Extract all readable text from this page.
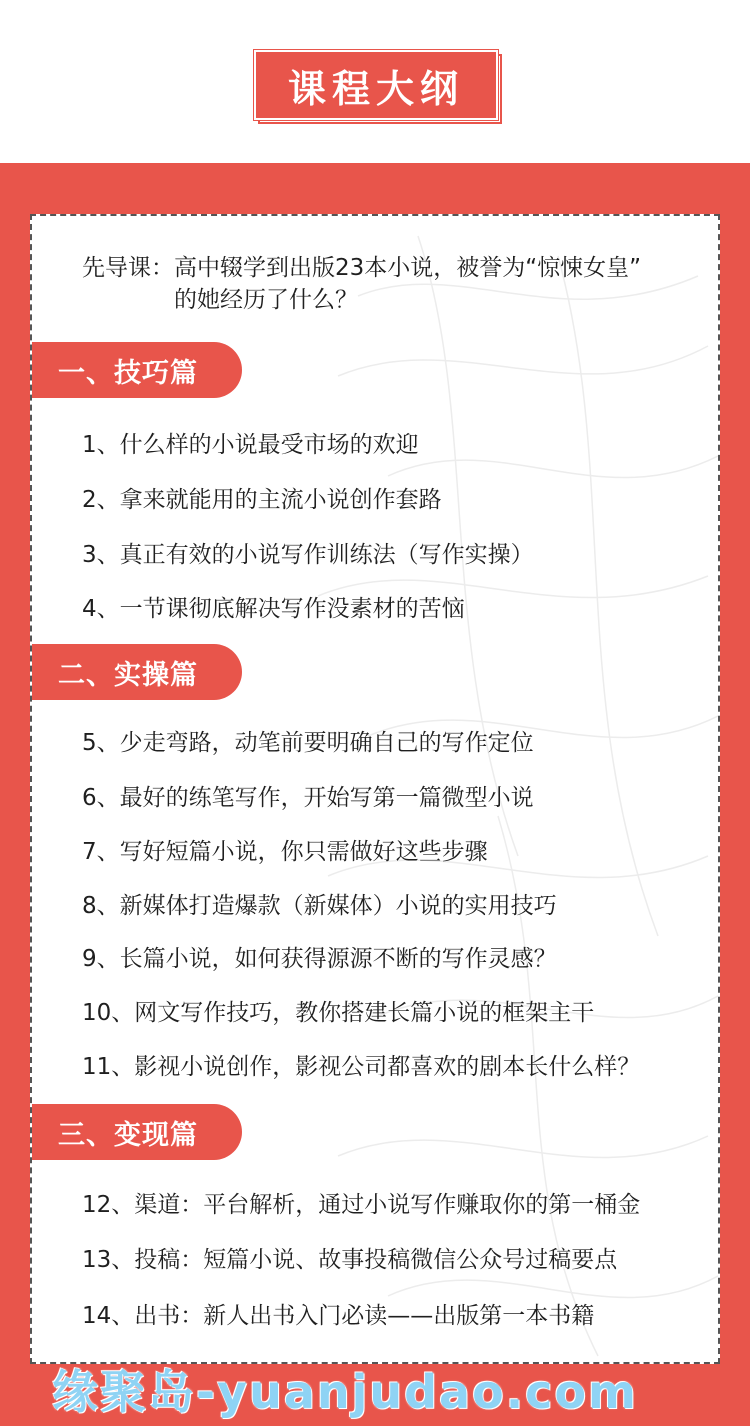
课程大纲
先导课： 高中辍学到出版23本小说，被誉为“惊悚女皇”
的她经历了什么？
一、技巧篇
1、什么样的小说最受市场的欢迎
2、拿来就能用的主流小说创作套路
3、真正有效的小说写作训练法（写作实操）
4、一节课彻底解决写作没素材的苦恼
二、实操篇
5、少走弯路，动笔前要明确自己的写作定位
6、最好的练笔写作，开始写第一篇微型小说
7、写好短篇小说，你只需做好这些步骤
8、新媒体打造爆款（新媒体）小说的实用技巧
9、长篇小说，如何获得源源不断的写作灵感？
10、网文写作技巧，教你搭建长篇小说的框架主干
11、影视小说创作，影视公司都喜欢的剧本长什么样？
三、变现篇
12、渠道：平台解析，通过小说写作赚取你的第一桶金
13、投稿：短篇小说、故事投稿微信公众号过稿要点
14、出书：新人出书入门必读——出版第一本书籍
缘聚岛-yuanjudao.com
